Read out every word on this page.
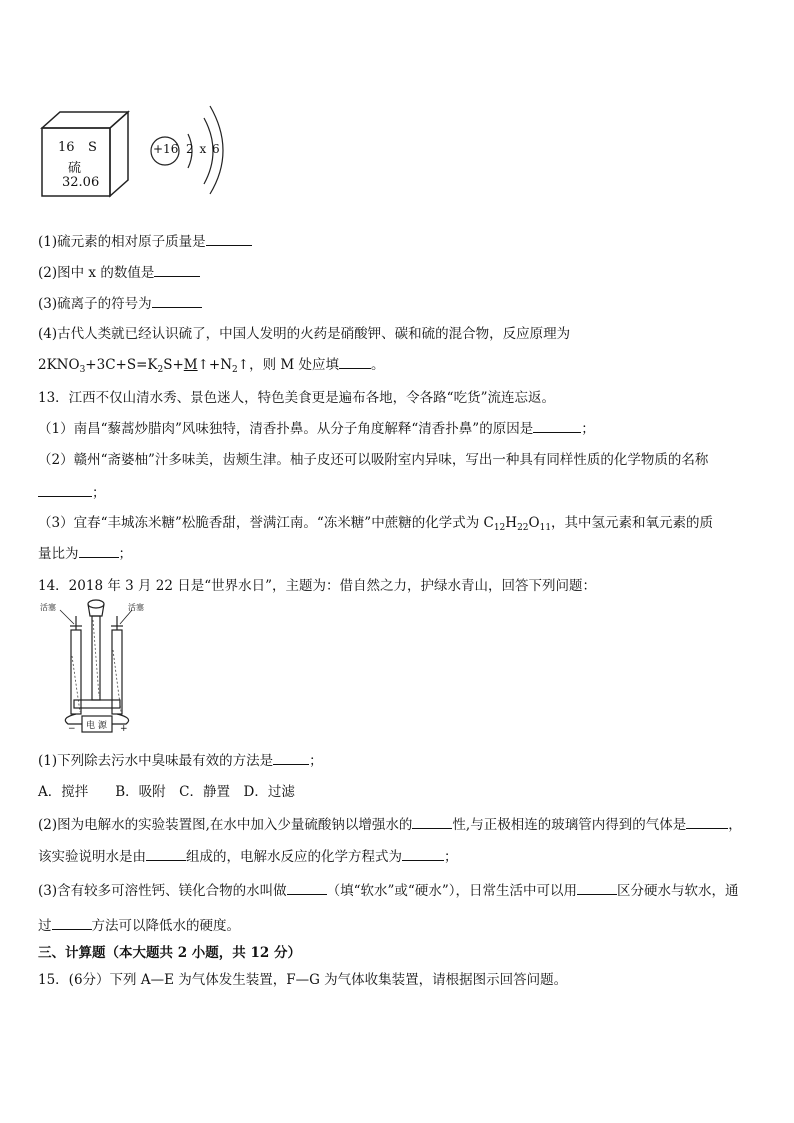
16 S
硫
32.06
+16 2 x 6
(1)硫元素的相对原子质量是
(2)图中 x 的数值是
(3)硫离子的符号为
(4)古代人类就已经认识硫了，中国人发明的火药是硝酸钾、碳和硫的混合物，反应原理为
$2KNO_3+3C+S=K_2S+M↑+N_2↑$，则 M 处应填 。
13．江西不仅山清水秀、景色迷人，特色美食更是遍布各地，令各路“吃货”流连忘返。
（1）南昌“藜蒿炒腊肉”风味独特，清香扑鼻。从分子角度解释“清香扑鼻”的原因是	；
（2）赣州“斋婆柚”汁多味美，齿颊生津。柚子皮还可以吸附室内异味，写出一种具有同样性质的化学物质的名称
；
（3）宜春“丰城冻米糖”松脆香甜，誉满江南。“冻米糖”中蔗糖的化学式为 $C_{12}H_{22}O_{11}$，其中氢元素和氧元素的质
量比为	；
14．2018 年 3 月 22 日是“世界水日”，主题为：借自然之力，护绿水青山，回答下列问题：
活塞	活塞
电 源
−	+
(1)下列除去污水中臭味最有效的方法是	；
A．搅拌　　B．吸附　C．静置　D．过滤
(2)图为电解水的实验装置图,在水中加入少量硫酸钠以增强水的	性,与正极相连的玻璃管内得到的气体是	，
该实验说明水是由	组成的，电解水反应的化学方程式为	；
(3)含有较多可溶性钙、镁化合物的水叫做	（填“软水”或“硬水”），日常生活中可以用	区分硬水与软水，通
过	方法可以降低水的硬度。
三、计算题（本大题共 2 小题，共 12 分）
15．(6分）下列 A—E 为气体发生装置，F—G 为气体收集装置，请根据图示回答问题。
